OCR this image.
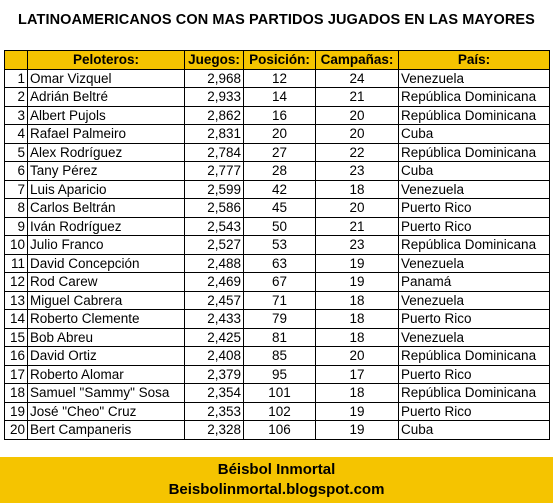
LATINOAMERICANOS CON MAS PARTIDOS JUGADOS EN LAS MAYORES
	Peloteros:	Juegos:	Posición:	Campañas:	País:
1	Omar Vizquel	2,968	12	24	Venezuela
2	Adrián Beltré	2,933	14	21	República Dominicana
3	Albert Pujols	2,862	16	20	República Dominicana
4	Rafael Palmeiro	2,831	20	20	Cuba
5	Alex Rodríguez	2,784	27	22	República Dominicana
6	Tany Pérez	2,777	28	23	Cuba
7	Luis Aparicio	2,599	42	18	Venezuela
8	Carlos Beltrán	2,586	45	20	Puerto Rico
9	Iván Rodríguez	2,543	50	21	Puerto Rico
10	Julio Franco	2,527	53	23	República Dominicana
11	David Concepción	2,488	63	19	Venezuela
12	Rod Carew	2,469	67	19	Panamá
13	Miguel Cabrera	2,457	71	18	Venezuela
14	Roberto Clemente	2,433	79	18	Puerto Rico
15	Bob Abreu	2,425	81	18	Venezuela
16	David Ortiz	2,408	85	20	República Dominicana
17	Roberto Alomar	2,379	95	17	Puerto Rico
18	Samuel "Sammy" Sosa	2,354	101	18	República Dominicana
19	José "Cheo" Cruz	2,353	102	19	Puerto Rico
20	Bert Campaneris	2,328	106	19	Cuba
Béisbol Inmortal
Beisbolinmortal.blogspot.com
